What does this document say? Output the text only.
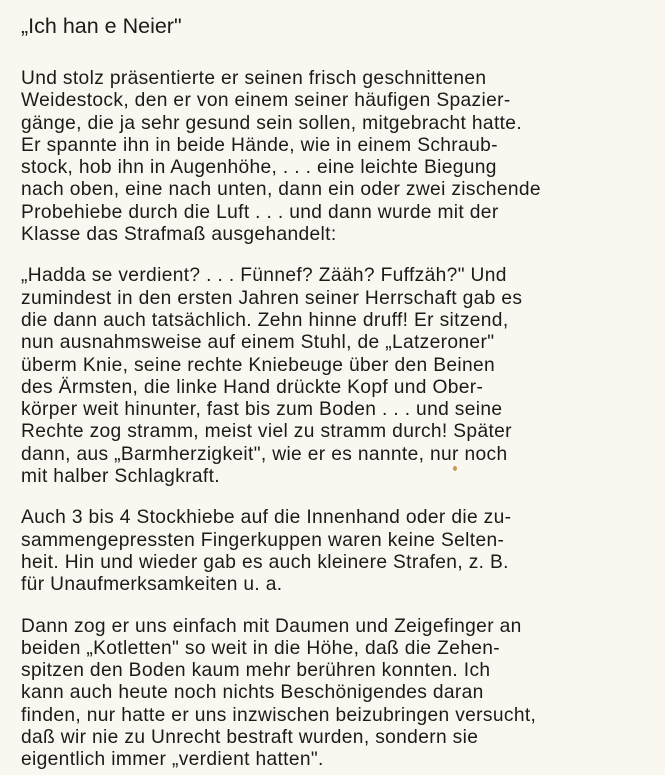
„Ich han e Neier"

Und stolz präsentierte er seinen frisch geschnittenen
Weidestock, den er von einem seiner häufigen Spazier-
gänge, die ja sehr gesund sein sollen, mitgebracht hatte.
Er spannte ihn in beide Hände, wie in einem Schraub-
stock, hob ihn in Augenhöhe, . . . eine leichte Biegung
nach oben, eine nach unten, dann ein oder zwei zischende
Probehiebe durch die Luft . . . und dann wurde mit der
Klasse das Strafmaß ausgehandelt:

„Hadda se verdient? . . . Fünnef? Zääh? Fuffzäh?" Und
zumindest in den ersten Jahren seiner Herrschaft gab es
die dann auch tatsächlich. Zehn hinne druff! Er sitzend,
nun ausnahmsweise auf einem Stuhl, de „Latzeroner"
überm Knie, seine rechte Kniebeuge über den Beinen
des Ärmsten, die linke Hand drückte Kopf und Ober-
körper weit hinunter, fast bis zum Boden . . . und seine
Rechte zog stramm, meist viel zu stramm durch! Später
dann, aus „Barmherzigkeit", wie er es nannte, nur noch
mit halber Schlagkraft.

Auch 3 bis 4 Stockhiebe auf die Innenhand oder die zu-
sammengepressten Fingerkuppen waren keine Selten-
heit. Hin und wieder gab es auch kleinere Strafen, z. B.
für Unaufmerksamkeiten u. a.

Dann zog er uns einfach mit Daumen und Zeigefinger an
beiden „Kotletten" so weit in die Höhe, daß die Zehen-
spitzen den Boden kaum mehr berühren konnten. Ich
kann auch heute noch nichts Beschönigendes daran
finden, nur hatte er uns inzwischen beizubringen versucht,
daß wir nie zu Unrecht bestraft wurden, sondern sie
eigentlich immer „verdient hatten".
